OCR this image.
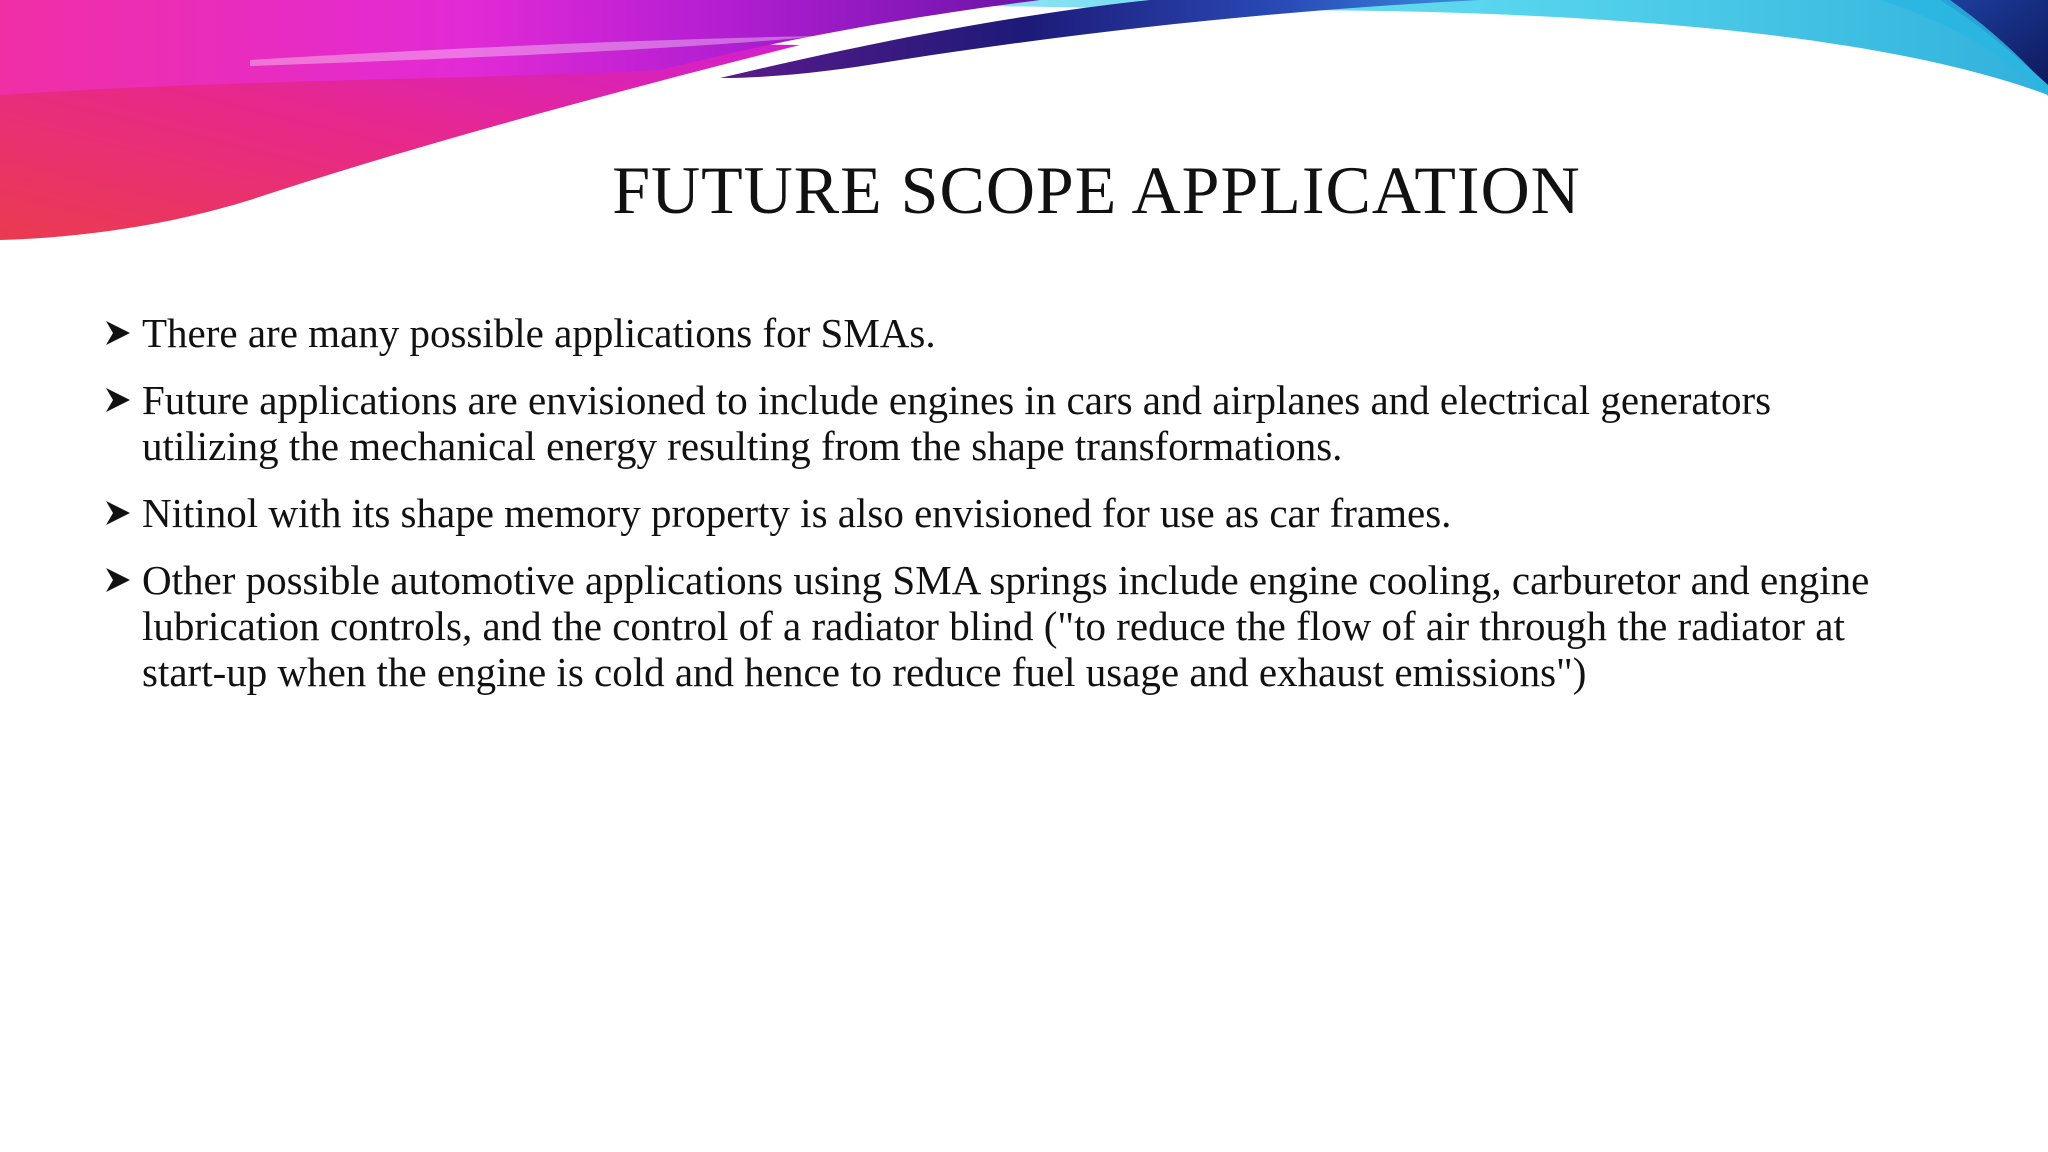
FUTURE SCOPE APPLICATION
There are many possible applications for SMAs.
Future applications are envisioned to include engines in cars and airplanes and electrical generators utilizing the mechanical energy resulting from the shape transformations.
Nitinol with its shape memory property is also envisioned for use as car frames.
Other possible automotive applications using SMA springs include engine cooling, carburetor and engine lubrication controls, and the control of a radiator blind ("to reduce the flow of air through the radiator at start-up when the engine is cold and hence to reduce fuel usage and exhaust emissions")
